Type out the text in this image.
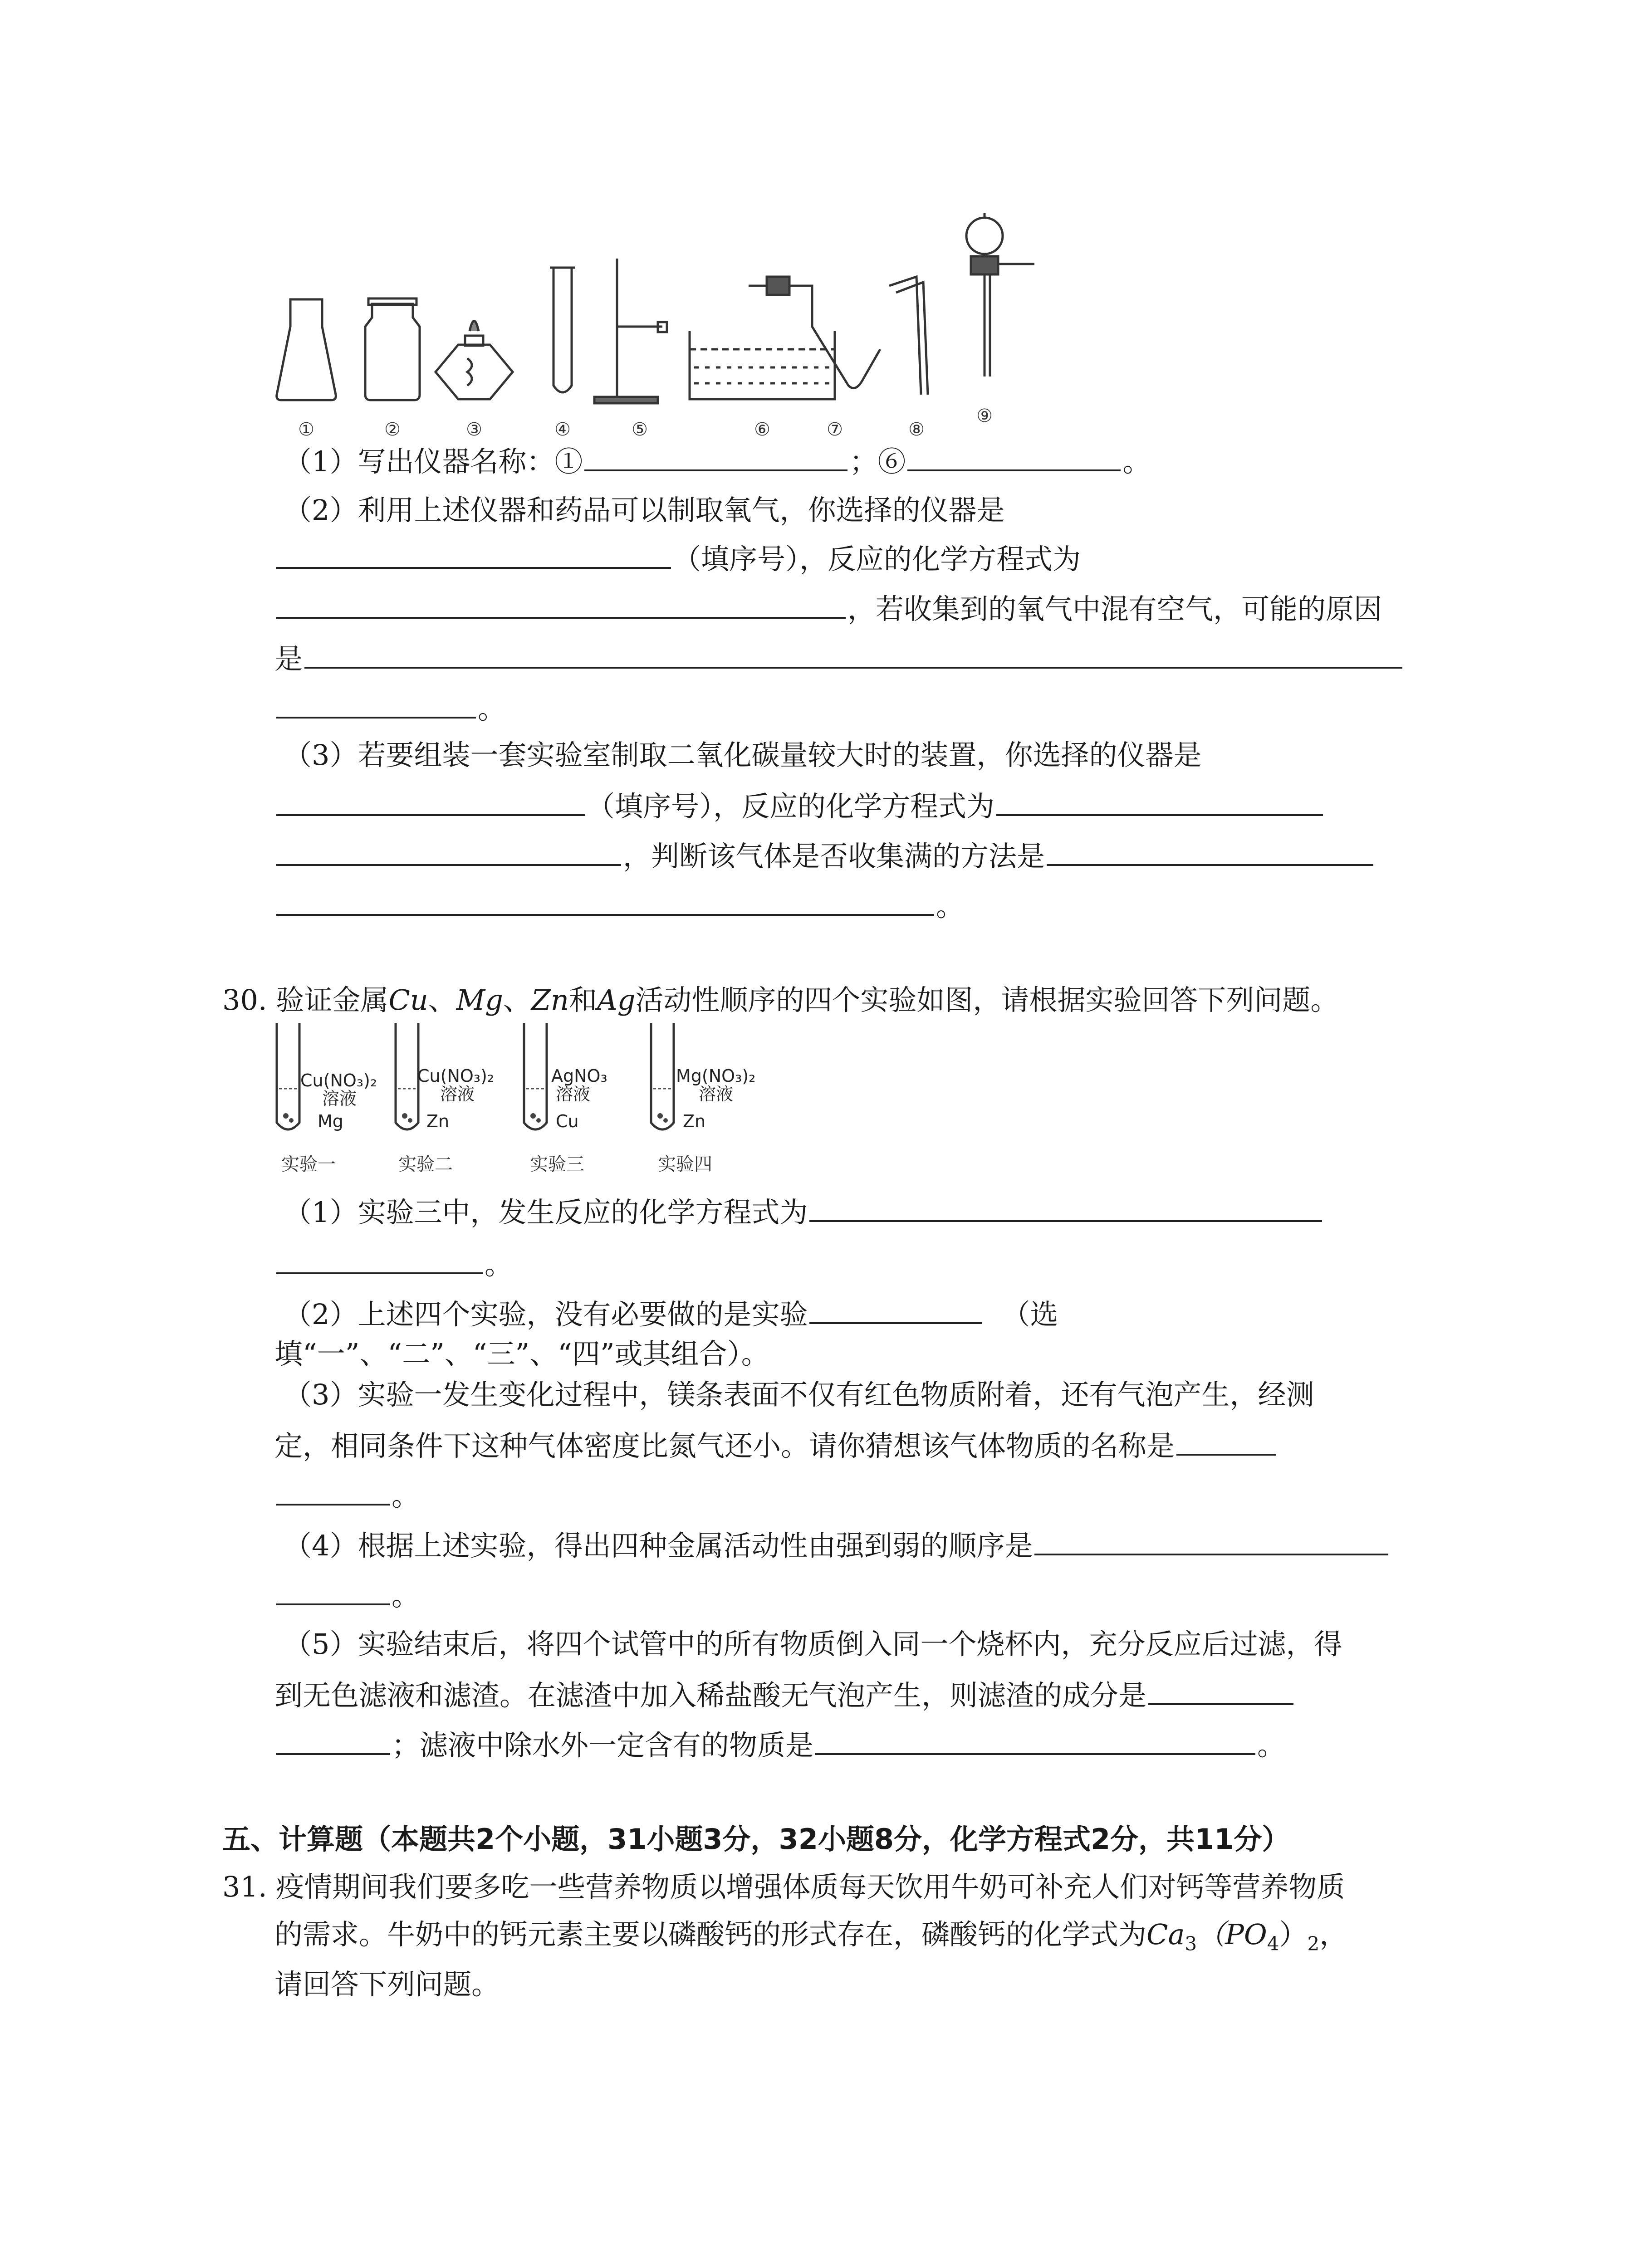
①	②	③	④	⑤	⑥	⑦	⑧
⑨
（1）写出仪器名称：①	；⑥	。
（2）利用上述仪器和药品可以制取氧气，你选择的仪器是
（填序号），反应的化学方程式为
，若收集到的氧气中混有空气，可能的原因
是
。
（3）若要组装一套实验室制取二氧化碳量较大时的装置，你选择的仪器是
（填序号），反应的化学方程式为
，判断该气体是否收集满的方法是
。
30. 验证金属Cu、Mg、Zn和Ag活动性顺序的四个实验如图，请根据实验回答下列问题。
Cu(NO₃)₂
溶液
Mg
实验一
Cu(NO₃)₂
溶液
Zn
实验二
AgNO₃
溶液
Cu
实验三
Mg(NO₃)₂
溶液
Zn
实验四
（1）实验三中，发生反应的化学方程式为
。
（2）上述四个实验，没有必要做的是实验	（选
填“一”、“二”、“三”、“四”或其组合）。
（3）实验一发生变化过程中，镁条表面不仅有红色物质附着，还有气泡产生，经测
定，相同条件下这种气体密度比氮气还小。请你猜想该气体物质的名称是
。
（4）根据上述实验，得出四种金属活动性由强到弱的顺序是
。
（5）实验结束后，将四个试管中的所有物质倒入同一个烧杯内，充分反应后过滤，得
到无色滤液和滤渣。在滤渣中加入稀盐酸无气泡产生，则滤渣的成分是
；滤液中除水外一定含有的物质是	。
五、计算题（本题共2个小题，31小题3分，32小题8分，化学方程式2分，共11分）
31. 疫情期间我们要多吃一些营养物质以增强体质每天饮用牛奶可补充人们对钙等营养物质
的需求。牛奶中的钙元素主要以磷酸钙的形式存在，磷酸钙的化学式为$Ca_3(PO_4)_2$，
请回答下列问题。
